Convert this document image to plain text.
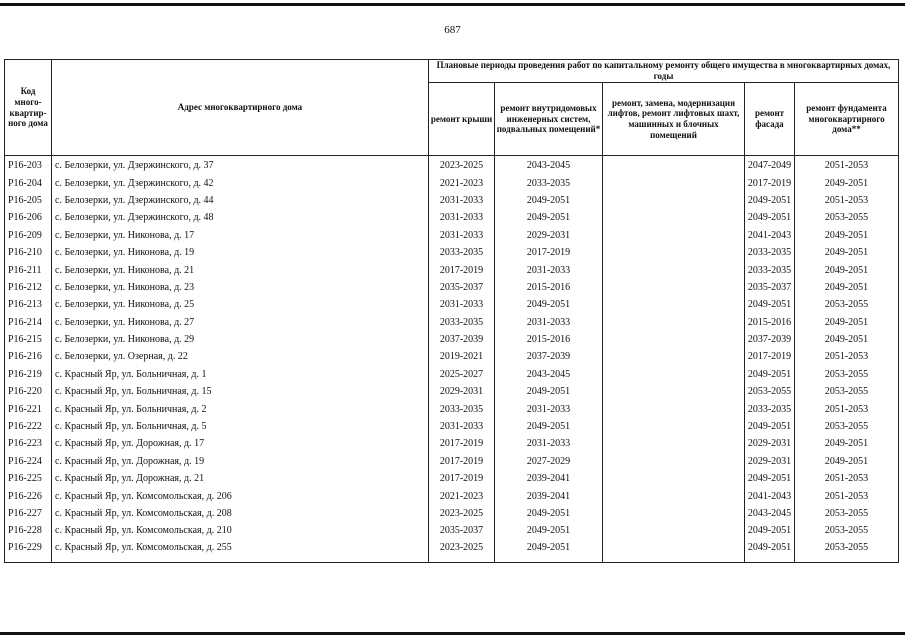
687
Код много-квартир-ного дома	Адрес многоквартирного дома	Плановые периоды проведения работ по капитальному ремонту общего имущества в многоквартирных домах, годы				
		ремонт крыши	ремонт внутридомовых инженерных систем, подвальных помещений*	ремонт, замена, модернизация лифтов, ремонт лифтовых шахт, машинных и блочных помещений	ремонт фасада	ремонт фундамента многоквартирного дома**
Р16-203	с. Белозерки, ул. Дзержинского, д. 37	2023-2025	2043-2045		2047-2049	2051-2053
Р16-204	с. Белозерки, ул. Дзержинского, д. 42	2021-2023	2033-2035		2017-2019	2049-2051
Р16-205	с. Белозерки, ул. Дзержинского, д. 44	2031-2033	2049-2051		2049-2051	2051-2053
Р16-206	с. Белозерки, ул. Дзержинского, д. 48	2031-2033	2049-2051		2049-2051	2053-2055
Р16-209	с. Белозерки, ул. Никонова, д. 17	2031-2033	2029-2031		2041-2043	2049-2051
Р16-210	с. Белозерки, ул. Никонова, д. 19	2033-2035	2017-2019		2033-2035	2049-2051
Р16-211	с. Белозерки, ул. Никонова, д. 21	2017-2019	2031-2033		2033-2035	2049-2051
Р16-212	с. Белозерки, ул. Никонова, д. 23	2035-2037	2015-2016		2035-2037	2049-2051
Р16-213	с. Белозерки, ул. Никонова, д. 25	2031-2033	2049-2051		2049-2051	2053-2055
Р16-214	с. Белозерки, ул. Никонова, д. 27	2033-2035	2031-2033		2015-2016	2049-2051
Р16-215	с. Белозерки, ул. Никонова, д. 29	2037-2039	2015-2016		2037-2039	2049-2051
Р16-216	с. Белозерки, ул. Озерная, д. 22	2019-2021	2037-2039		2017-2019	2051-2053
Р16-219	с. Красный Яр, ул. Больничная, д. 1	2025-2027	2043-2045		2049-2051	2053-2055
Р16-220	с. Красный Яр, ул. Больничная, д. 15	2029-2031	2049-2051		2053-2055	2053-2055
Р16-221	с. Красный Яр, ул. Больничная, д. 2	2033-2035	2031-2033		2033-2035	2051-2053
Р16-222	с. Красный Яр, ул. Больничная, д. 5	2031-2033	2049-2051		2049-2051	2053-2055
Р16-223	с. Красный Яр, ул. Дорожная, д. 17	2017-2019	2031-2033		2029-2031	2049-2051
Р16-224	с. Красный Яр, ул. Дорожная, д. 19	2017-2019	2027-2029		2029-2031	2049-2051
Р16-225	с. Красный Яр, ул. Дорожная, д. 21	2017-2019	2039-2041		2049-2051	2051-2053
Р16-226	с. Красный Яр, ул. Комсомольская, д. 206	2021-2023	2039-2041		2041-2043	2051-2053
Р16-227	с. Красный Яр, ул. Комсомольская, д. 208	2023-2025	2049-2051		2043-2045	2053-2055
Р16-228	с. Красный Яр, ул. Комсомольская, д. 210	2035-2037	2049-2051		2049-2051	2053-2055
Р16-229	с. Красный Яр, ул. Комсомольская, д. 255	2023-2025	2049-2051		2049-2051	2053-2055
